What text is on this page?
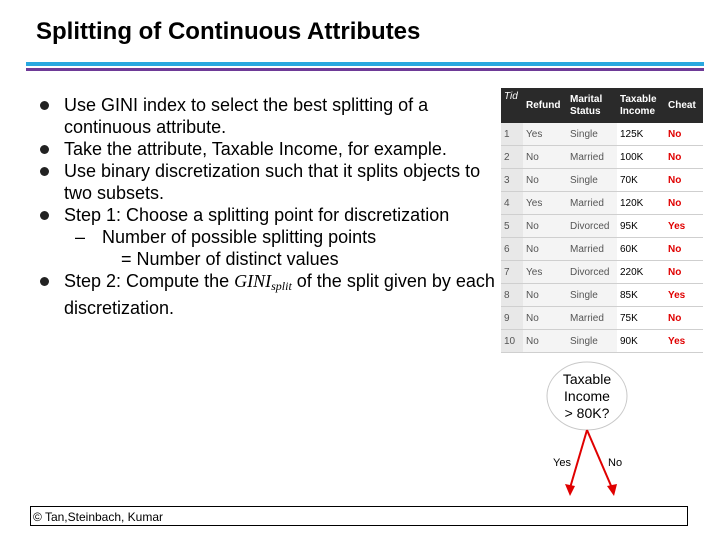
Splitting of Continuous Attributes
Use GINI index to select the best splitting of a continuous attribute.
Take the attribute, Taxable Income, for example.
Use binary discretization such that it splits objects to two subsets.
Step 1: Choose a splitting point for discretization
– Number of possible splitting points
= Number of distinct values
Step 2: Compute the $GINI_{split}$ of the split given by each discretization.
Tid	Refund	Marital Status	Taxable Income	Cheat
1	Yes	Single	125K	No
2	No	Married	100K	No
3	No	Single	70K	No
4	Yes	Married	120K	No
5	No	Divorced	95K	Yes
6	No	Married	60K	No
7	Yes	Divorced	220K	No
8	No	Single	85K	Yes
9	No	Married	75K	No
10	No	Single	90K	Yes
Taxable
Income
> 80K?
Yes	No
© Tan,Steinbach, Kumar
